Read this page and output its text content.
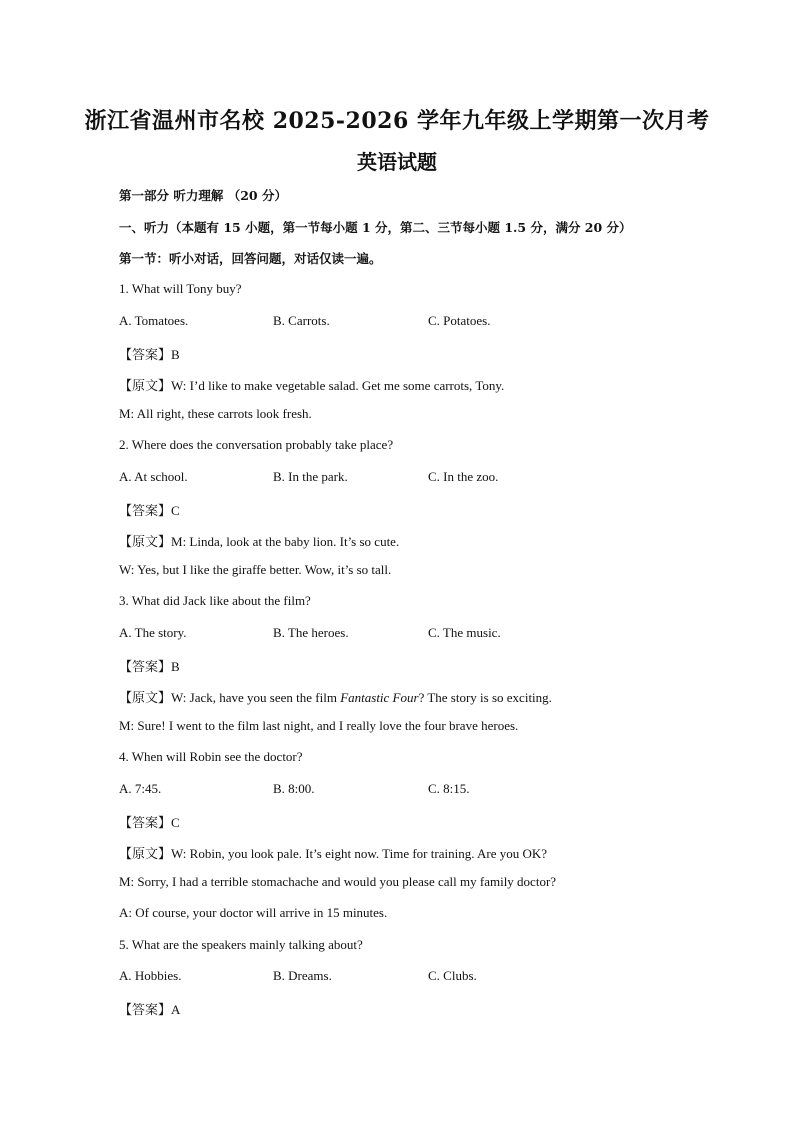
浙江省温州市名校 2025-2026 学年九年级上学期第一次月考
英语试题
第一部分 听力理解 （20 分）
一、听力（本题有 15 小题，第一节每小题 1 分，第二、三节每小题 1.5 分，满分 20 分）
第一节：听小对话，回答问题，对话仅读一遍。
1. What will Tony buy?
A. Tomatoes.	B. Carrots.	C. Potatoes.
【答案】B
【原文】W: I’d like to make vegetable salad. Get me some carrots, Tony.
M: All right, these carrots look fresh.
2. Where does the conversation probably take place?
A. At school.	B. In the park.	C. In the zoo.
【答案】C
【原文】M: Linda, look at the baby lion. It’s so cute.
W: Yes, but I like the giraffe better. Wow, it’s so tall.
3. What did Jack like about the film?
A. The story.	B. The heroes.	C. The music.
【答案】B
【原文】W: Jack, have you seen the film Fantastic Four? The story is so exciting.
M: Sure! I went to the film last night, and I really love the four brave heroes.
4. When will Robin see the doctor?
A. 7:45.	B. 8:00.	C. 8:15.
【答案】C
【原文】W: Robin, you look pale. It’s eight now. Time for training. Are you OK?
M: Sorry, I had a terrible stomachache and would you please call my family doctor?
A: Of course, your doctor will arrive in 15 minutes.
5. What are the speakers mainly talking about?
A. Hobbies.	B. Dreams.	C. Clubs.
【答案】A
